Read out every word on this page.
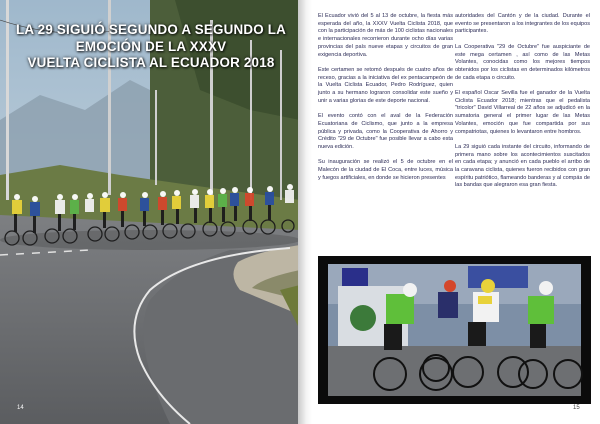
LA 29 SIGUIÓ SEGUNDO A SEGUNDO LA
EMOCIÓN DE LA XXXV
VUELTA CICLISTA AL ECUADOR 2018
14

El Ecuador vivió del 5 al 13 de octubre, la fiesta más esperada del año, la XXXV Vuelta Ciclista 2018, que con la participación de más de 100 ciclistas nacionales e internacionales recorrieron durante ocho días varias provincias del país nueve etapas y circuitos de gran exigencia deportiva.

Este certamen se retomó después de cuatro años de receso, gracias a la iniciativa del ex pentacampeón de la Vuelta Ciclista Ecuador, Pedro Rodríguez, quien junto a su hermano lograron consolidar este sueño y unir a varias glorias de este deporte nacional.

El evento contó con el aval de la Federación Ecuatoriana de Ciclismo, que junto a la empresa pública y privada, como la Cooperativa de Ahorro y Crédito "29 de Octubre" fue posible llevar a cabo esta nueva edición.

Su inauguración se realizó el 5 de octubre en el Malecón de la ciudad de El Coca, entre luces, música y fuegos artificiales, en donde se hicieron presentes

autoridades del Cantón y de la ciudad. Durante el evento se presentaron a los integrantes de los equipos participantes.

La Cooperativa "29 de Octubre" fue auspiciante de este mega certamen , así como de las Metas Volantes, conocidas como los mejores tiempos obtenidos por los ciclistas en determinados kilómetros de cada etapa o circuito.

El español Oscar Sevilla fue el ganador de la Vuelta Ciclista Ecuador 2018; mientras que el pedalista "tricolor" David Villarreal de 22 años se adjudicó en la sumatoria general el primer lugar de las Metas Volantes, emoción que fue compartida por sus compatriotas, quienes lo levantaron entre hombros.

La 29 siguió cada instante del circuito, informando de primera mano sobre los acontecimientos suscitados en cada etapa; y anunció en cada pueblo el arribo de la caravana ciclista, quienes fueron recibidos con gran espíritu patriótico, flameando banderas y al compás de las bandas que alegraron esa gran fiesta.

15
